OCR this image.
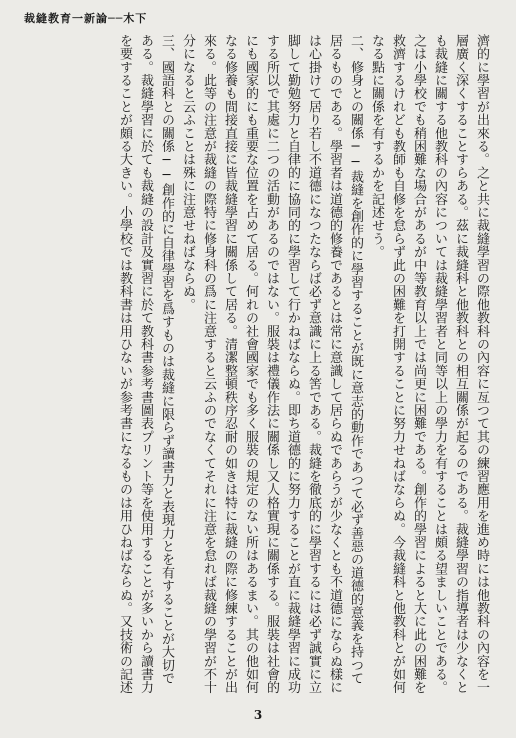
裁縫教育一新論──木下

濟的に學習が出來る。之と共に裁縫學習の際他教科の內容に亙つて其の練習應用を進め時には他教科の內容を一層廣く深くすることすらある。茲に裁縫科と他教科との相互關係が起るのである。裁縫學習の指導者は少なくとも裁縫に關する他教科の內容については裁縫學習者と同等以上の學力を有することは頗る望ましいことである。之は小學校でも稍困難な場合があるが中等教育以上では尚更に困難である。創作的學習によると大に此の困難を救濟するけれども教師も自修を怠らず此の困難を打開することに努力せねばならぬ。今裁縫科と他教科とが如何なる點に關係を有するかを記述せう。

二、修身との關係──裁縫を創作的に學習することが既に意志的動作であつて必ず善惡の道德的意義を持つて居るものである。學習者は道德的修養であるとは常に意識して居らぬであらうが少なくとも不道德にならぬ樣には心掛けて居り若し不道德になつたならば必ず意識に上る筈である。裁縫を徹底的に學習するには必ず誠實に立脚して勤勉努力と自律的に協同的に學習して行かねばならぬ。即ち道德的に努力することが直に裁縫學習に成功する所以で其處に二つの活動があるのではない。服裝は禮儀作法に關係し又人格實現に關係する。服裝は社會的にも國家的にも重要な位置を占めて居る。何れの社會國家でも多く服裝の規定のない所はあるまい。其の他如何なる修養も間接直接に皆裁縫學習に關係して居る。清潔整頓秩序忍耐の如きは特に裁縫の際に修練することが出來る。此等の注意が裁縫の際特に修身科の爲に注意すると云ふのでなくてそれに注意を怠れば裁縫の學習が不十分になると云ふことは殊に注意せねばならぬ。

三、國語科との關係──創作的に自律學習を爲すものは裁縫に限らず讀書力と表現力とを有することが大切である。裁縫學習に於ても裁縫の設計及實習に於て教科書参考書圖表プリント等を使用することが多いから讀書力を要することが頗る大きい。小學校では教科書は用ひないが参考書になるものは用ひねばならぬ。又技術の記述

3
